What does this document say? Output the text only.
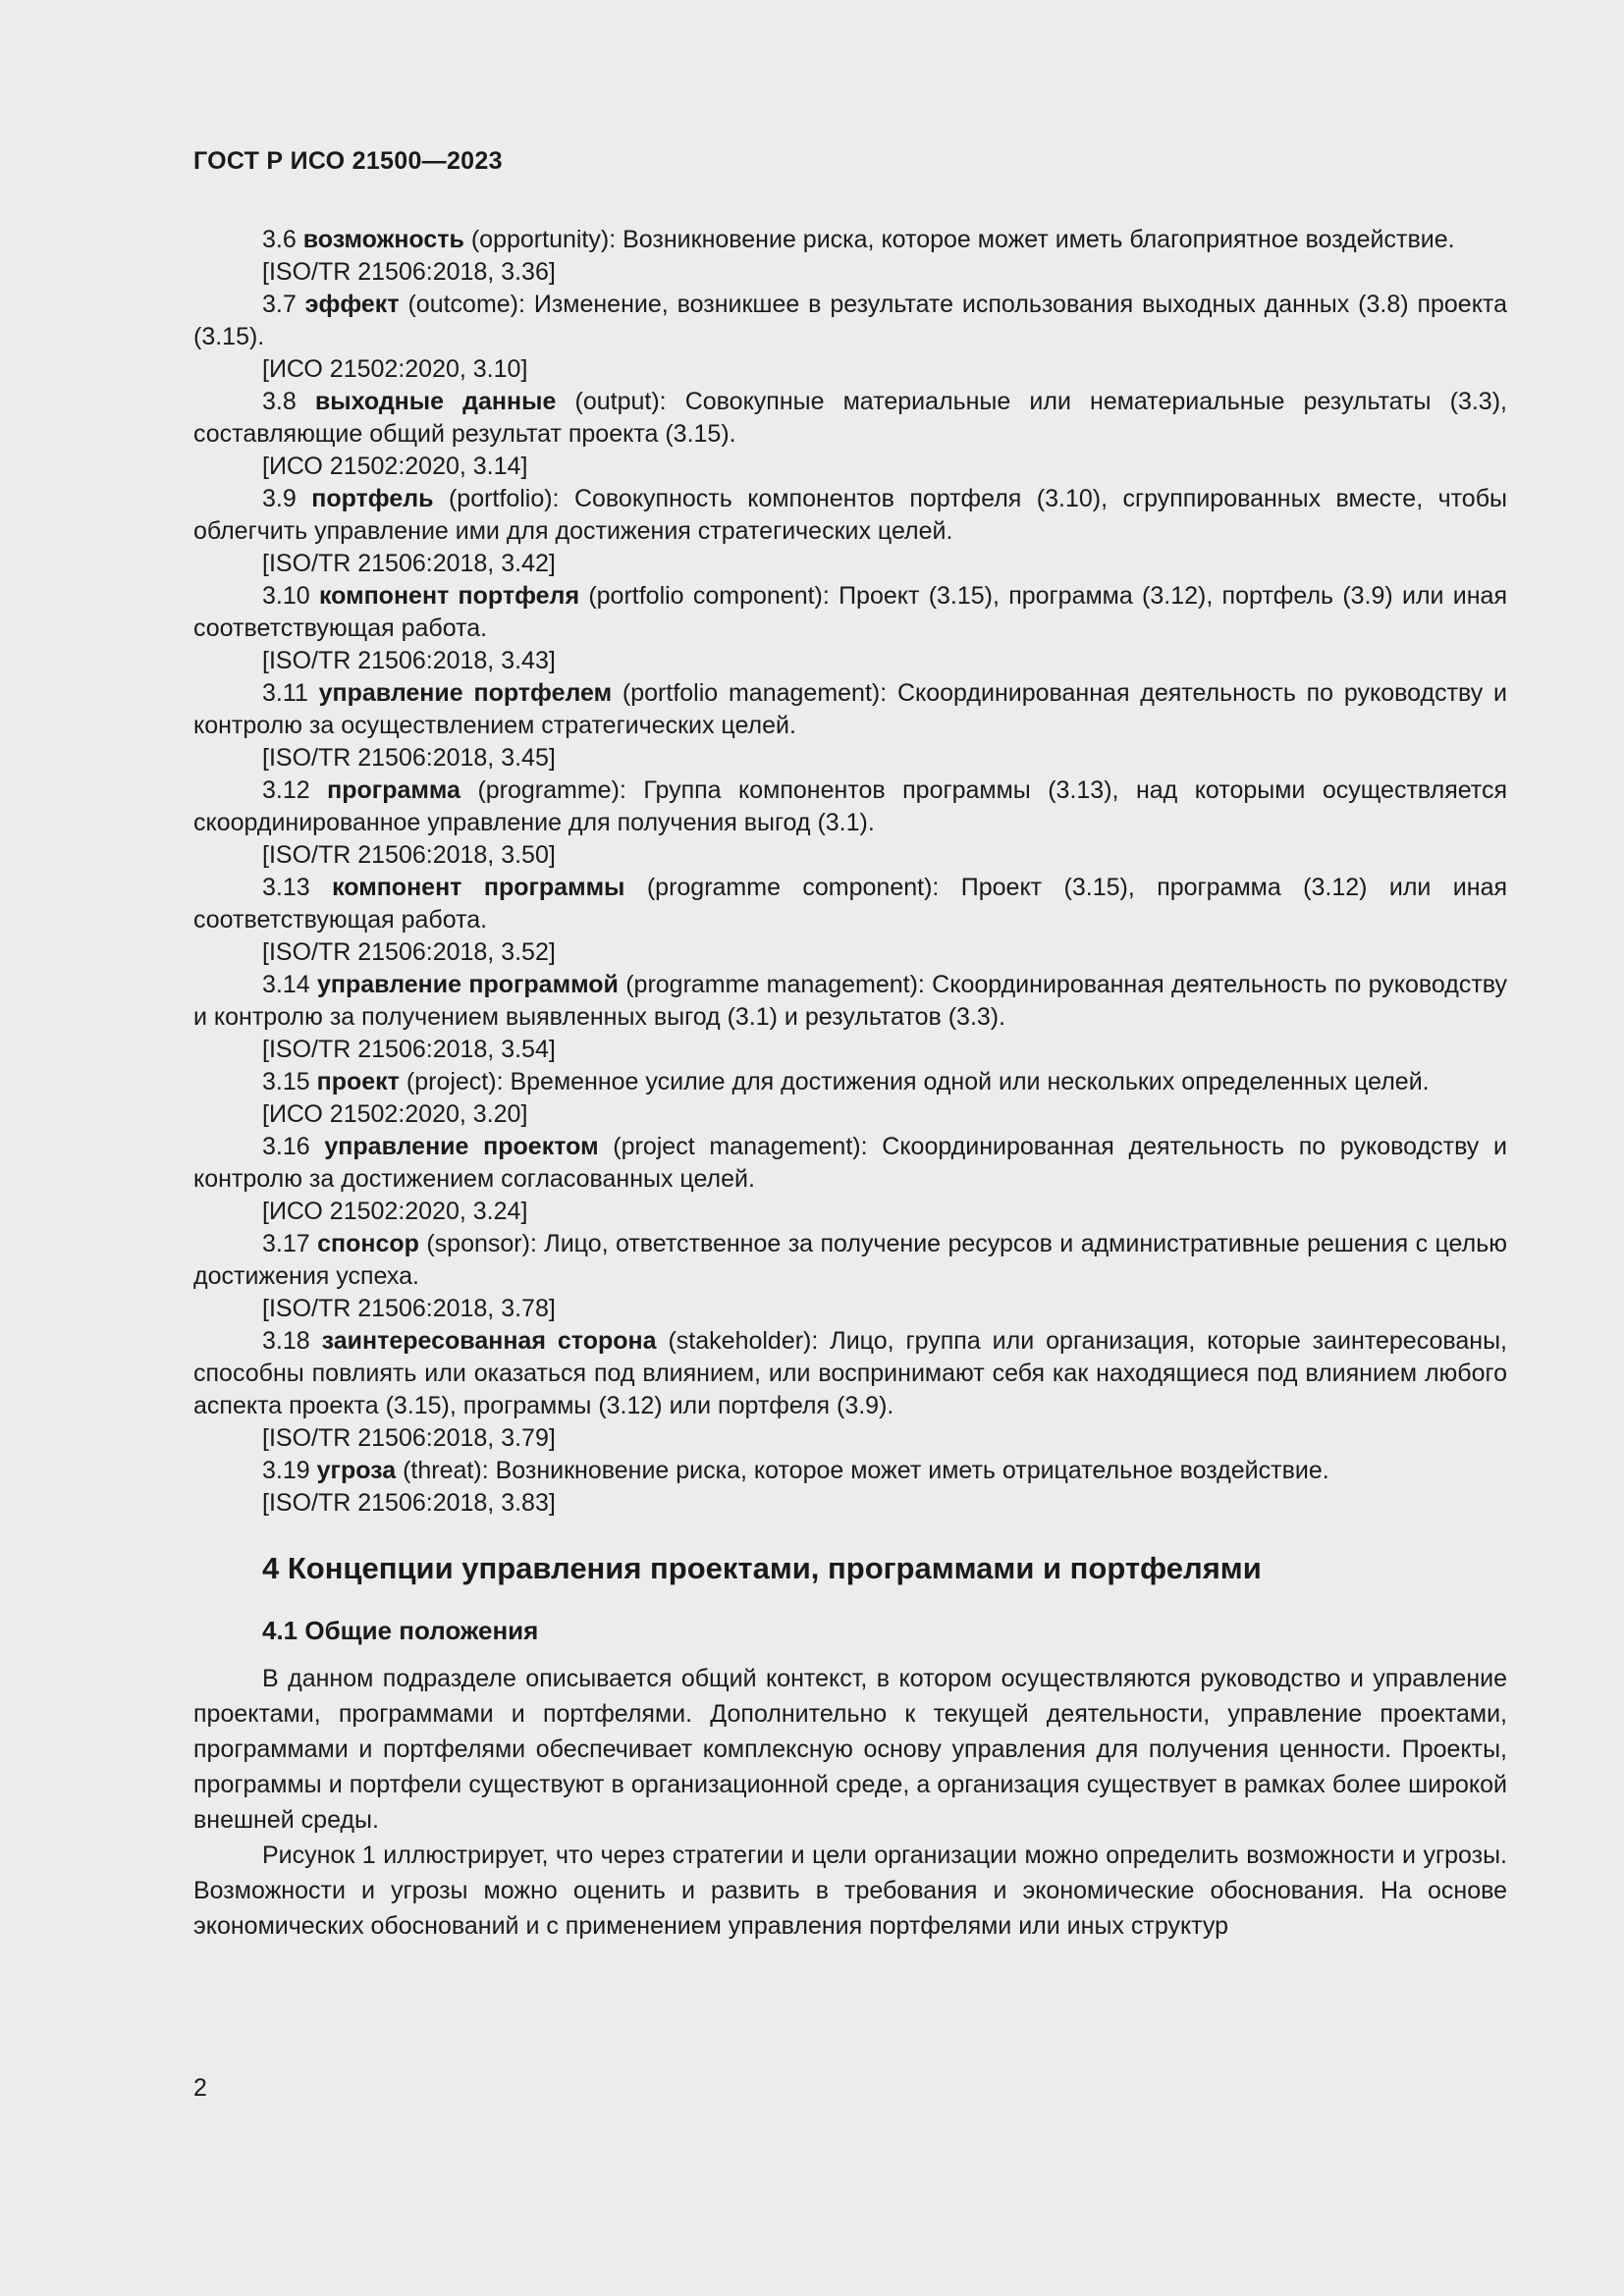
ГОСТ Р ИСО 21500—2023

3.6 возможность (opportunity): Возникновение риска, которое может иметь благоприятное воздействие.

[ISO/TR 21506:2018, 3.36]

3.7 эффект (outcome): Изменение, возникшее в результате использования выходных данных (3.8) проекта (3.15).

[ИСО 21502:2020, 3.10]

3.8 выходные данные (output): Совокупные материальные или нематериальные результаты (3.3), составляющие общий результат проекта (3.15).

[ИСО 21502:2020, 3.14]

3.9 портфель (portfolio): Совокупность компонентов портфеля (3.10), сгруппированных вместе, чтобы облегчить управление ими для достижения стратегических целей.

[ISO/TR 21506:2018, 3.42]

3.10 компонент портфеля (portfolio component): Проект (3.15), программа (3.12), портфель (3.9) или иная соответствующая работа.

[ISO/TR 21506:2018, 3.43]

3.11 управление портфелем (portfolio management): Скоординированная деятельность по руководству и контролю за осуществлением стратегических целей.

[ISO/TR 21506:2018, 3.45]

3.12 программа (programme): Группа компонентов программы (3.13), над которыми осуществляется скоординированное управление для получения выгод (3.1).

[ISO/TR 21506:2018, 3.50]

3.13 компонент программы (programme component): Проект (3.15), программа (3.12) или иная соответствующая работа.

[ISO/TR 21506:2018, 3.52]

3.14 управление программой (programme management): Скоординированная деятельность по руководству и контролю за получением выявленных выгод (3.1) и результатов (3.3).

[ISO/TR 21506:2018, 3.54]

3.15 проект (project): Временное усилие для достижения одной или нескольких определенных целей.

[ИСО 21502:2020, 3.20]

3.16 управление проектом (project management): Скоординированная деятельность по руководству и контролю за достижением согласованных целей.

[ИСО 21502:2020, 3.24]

3.17 спонсор (sponsor): Лицо, ответственное за получение ресурсов и административные решения с целью достижения успеха.

[ISO/TR 21506:2018, 3.78]

3.18 заинтересованная сторона (stakeholder): Лицо, группа или организация, которые заинтересованы, способны повлиять или оказаться под влиянием, или воспринимают себя как находящиеся под влиянием любого аспекта проекта (3.15), программы (3.12) или портфеля (3.9).

[ISO/TR 21506:2018, 3.79]

3.19 угроза (threat): Возникновение риска, которое может иметь отрицательное воздействие.

[ISO/TR 21506:2018, 3.83]

4 Концепции управления проектами, программами и портфелями
4.1 Общие положения

В данном подразделе описывается общий контекст, в котором осуществляются руководство и управление проектами, программами и портфелями. Дополнительно к текущей деятельности, управление проектами, программами и портфелями обеспечивает комплексную основу управления для получения ценности. Проекты, программы и портфели существуют в организационной среде, а организация существует в рамках более широкой внешней среды.

Рисунок 1 иллюстрирует, что через стратегии и цели организации можно определить возможности и угрозы. Возможности и угрозы можно оценить и развить в требования и экономические обоснования. На основе экономических обоснований и с применением управления портфелями или иных структур

2
